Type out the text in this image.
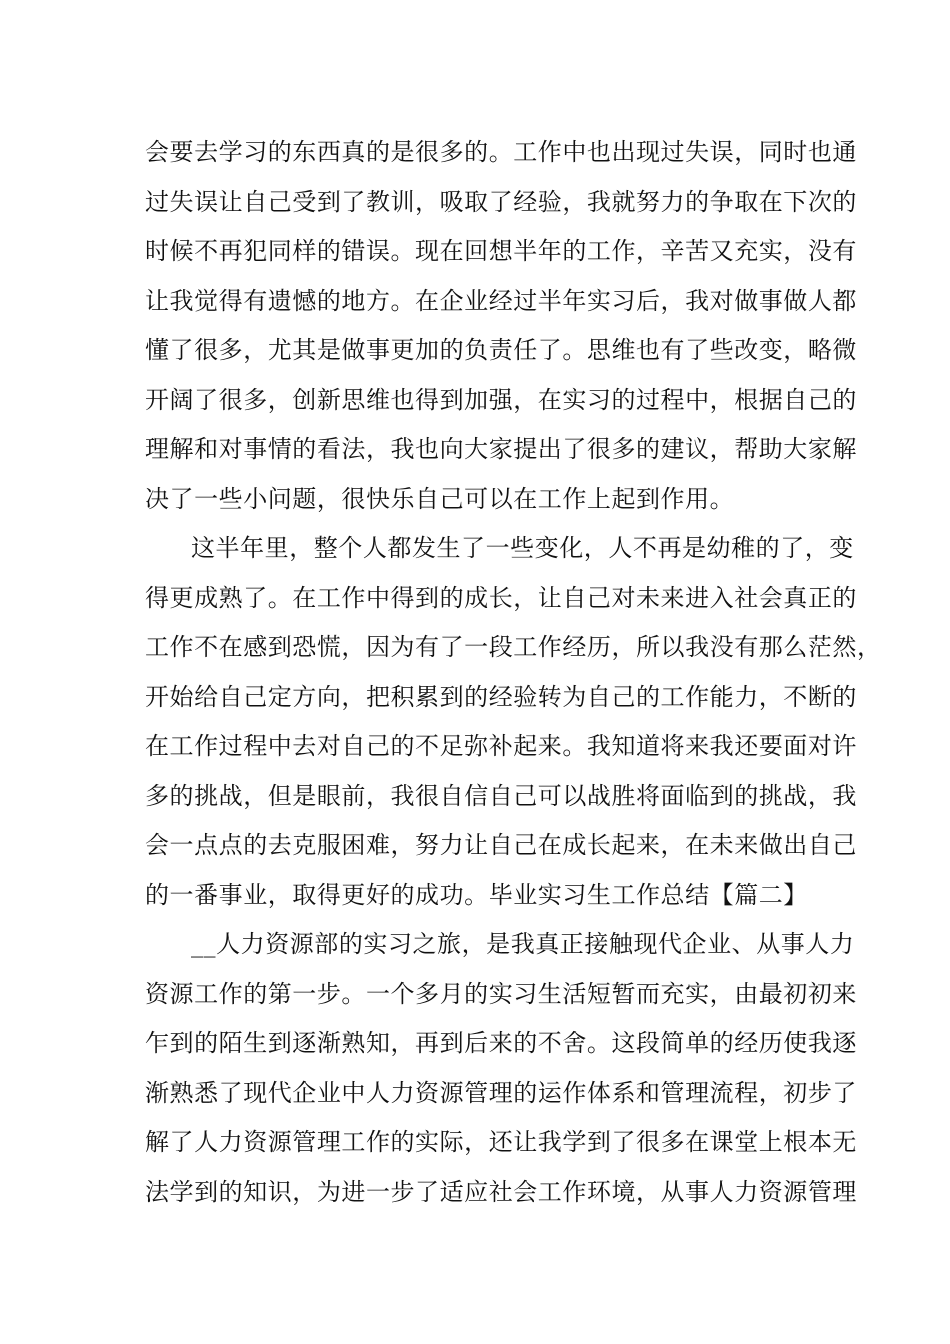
会要去学习的东西真的是很多的。工作中也出现过失误，同时也通
过失误让自己受到了教训，吸取了经验，我就努力的争取在下次的
时候不再犯同样的错误。现在回想半年的工作，辛苦又充实，没有
让我觉得有遗憾的地方。在企业经过半年实习后，我对做事做人都
懂了很多，尤其是做事更加的负责任了。思维也有了些改变，略微
开阔了很多，创新思维也得到加强，在实习的过程中，根据自己的
理解和对事情的看法，我也向大家提出了很多的建议，帮助大家解
决了一些小问题，很快乐自己可以在工作上起到作用。
这半年里，整个人都发生了一些变化，人不再是幼稚的了，变
得更成熟了。在工作中得到的成长，让自己对未来进入社会真正的
工作不在感到恐慌，因为有了一段工作经历，所以我没有那么茫然，
开始给自己定方向，把积累到的经验转为自己的工作能力，不断的
在工作过程中去对自己的不足弥补起来。我知道将来我还要面对许
多的挑战，但是眼前，我很自信自己可以战胜将面临到的挑战，我
会一点点的去克服困难，努力让自己在成长起来，在未来做出自己
的一番事业，取得更好的成功。毕业实习生工作总结【篇二】
__人力资源部的实习之旅，是我真正接触现代企业、从事人力
资源工作的第一步。一个多月的实习生活短暂而充实，由最初初来
乍到的陌生到逐渐熟知，再到后来的不舍。这段简单的经历使我逐
渐熟悉了现代企业中人力资源管理的运作体系和管理流程，初步了
解了人力资源管理工作的实际，还让我学到了很多在课堂上根本无
法学到的知识，为进一步了适应社会工作环境，从事人力资源管理
